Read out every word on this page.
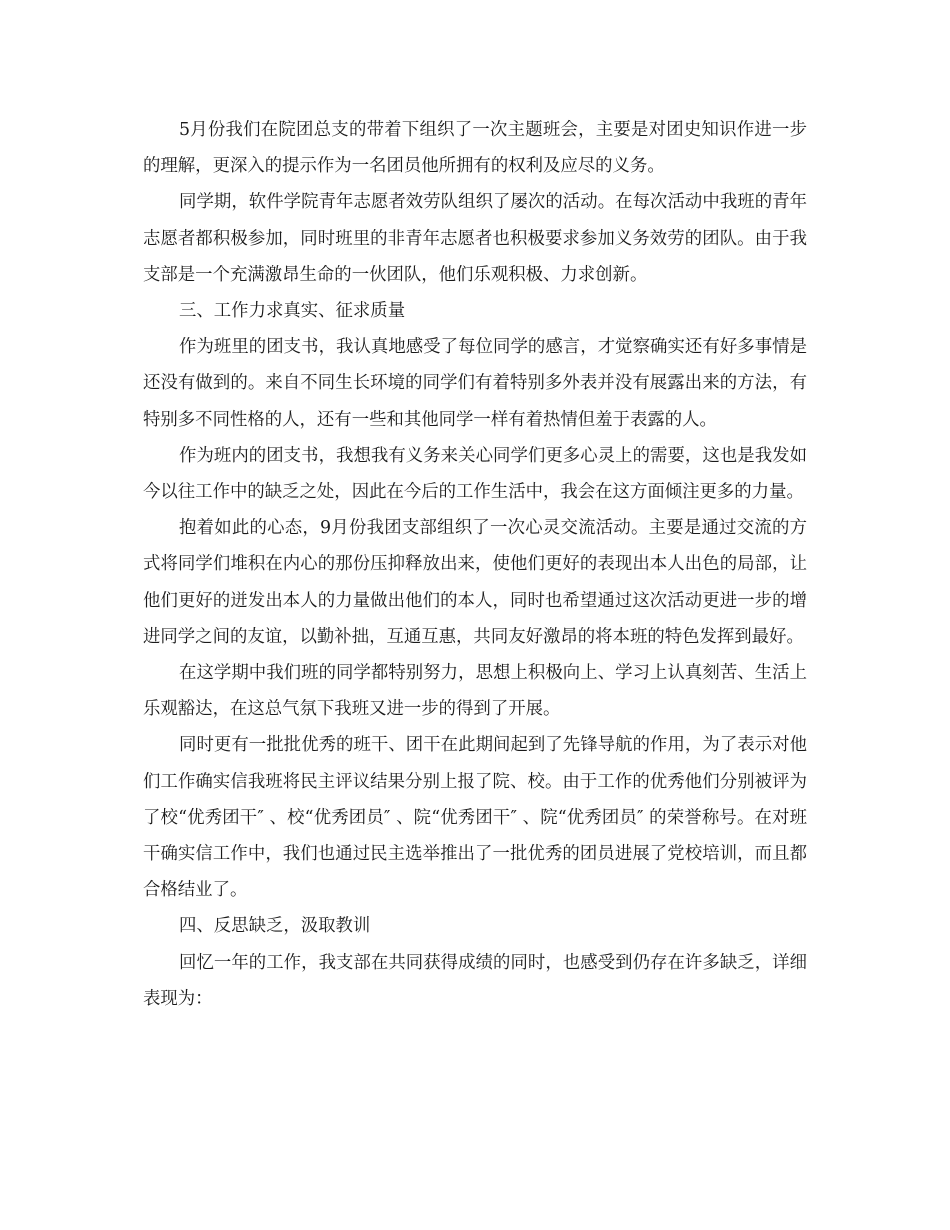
5月份我们在院团总支的带着下组织了一次主题班会，主要是对团史知识作进一步的理解，更深入的提示作为一名团员他所拥有的权利及应尽的义务。

同学期，软件学院青年志愿者效劳队组织了屡次的活动。在每次活动中我班的青年志愿者都积极参加，同时班里的非青年志愿者也积极要求参加义务效劳的团队。由于我支部是一个充满激昂生命的一伙团队，他们乐观积极、力求创新。

三、工作力求真实、征求质量

作为班里的团支书，我认真地感受了每位同学的感言，才觉察确实还有好多事情是还没有做到的。来自不同生长环境的同学们有着特别多外表并没有展露出来的方法，有特别多不同性格的人，还有一些和其他同学一样有着热情但羞于表露的人。

作为班内的团支书，我想我有义务来关心同学们更多心灵上的需要，这也是我发如今以往工作中的缺乏之处，因此在今后的工作生活中，我会在这方面倾注更多的力量。

抱着如此的心态，9月份我团支部组织了一次心灵交流活动。主要是通过交流的方式将同学们堆积在内心的那份压抑释放出来，使他们更好的表现出本人出色的局部，让他们更好的迸发出本人的力量做出他们的本人，同时也希望通过这次活动更进一步的增进同学之间的友谊，以勤补拙，互通互惠，共同友好激昂的将本班的特色发挥到最好。

在这学期中我们班的同学都特别努力，思想上积极向上、学习上认真刻苦、生活上乐观豁达，在这总气氛下我班又进一步的得到了开展。

同时更有一批批优秀的班干、团干在此期间起到了先锋导航的作用，为了表示对他们工作确实信我班将民主评议结果分别上报了院、校。由于工作的优秀他们分别被评为了校“优秀团干″ 、校“优秀团员″ 、院“优秀团干″ 、院“优秀团员″ 的荣誉称号。在对班干确实信工作中，我们也通过民主选举推出了一批优秀的团员进展了党校培训，而且都合格结业了。

四、反思缺乏，汲取教训

回忆一年的工作，我支部在共同获得成绩的同时，也感受到仍存在许多缺乏，详细表现为：
